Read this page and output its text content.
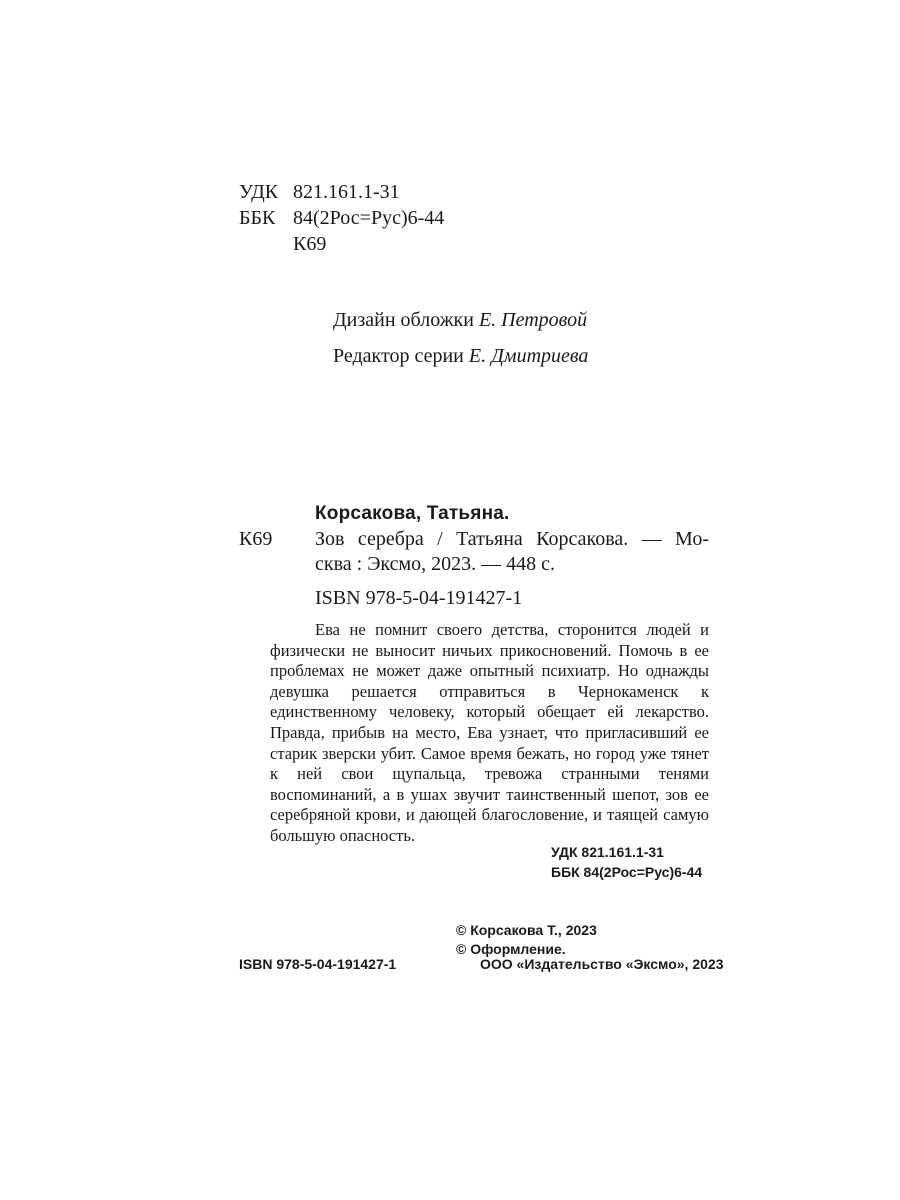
УДК 821.161.1-31
ББК 84(2Рос=Рус)6-44
К69
Дизайн обложки Е. Петровой
Редактор серии Е. Дмитриева
Корсакова, Татьяна.
К69 Зов серебра / Татьяна Корсакова. — Мо-
сква : Эксмо, 2023. — 448 с.
ISBN 978-5-04-191427-1
Ева не помнит своего детства, сторонится людей и физически не выносит ничьих прикосновений. Помочь в ее проблемах не может даже опытный психиатр. Но однажды девушка решается отправиться в Чернокаменск к единственному человеку, который обещает ей лекарство. Правда, прибыв на место, Ева узнает, что пригласивший ее старик зверски убит. Самое время бежать, но город уже тянет к ней свои щупальца, тревожа странными тенями воспоминаний, а в ушах звучит таинственный шепот, зов ее серебряной крови, и дающей благословение, и таящей самую большую опасность.
УДК 821.161.1-31
ББК 84(2Рос=Рус)6-44
© Корсакова Т., 2023
© Оформление.
ООО «Издательство «Эксмо», 2023
ISBN 978-5-04-191427-1
